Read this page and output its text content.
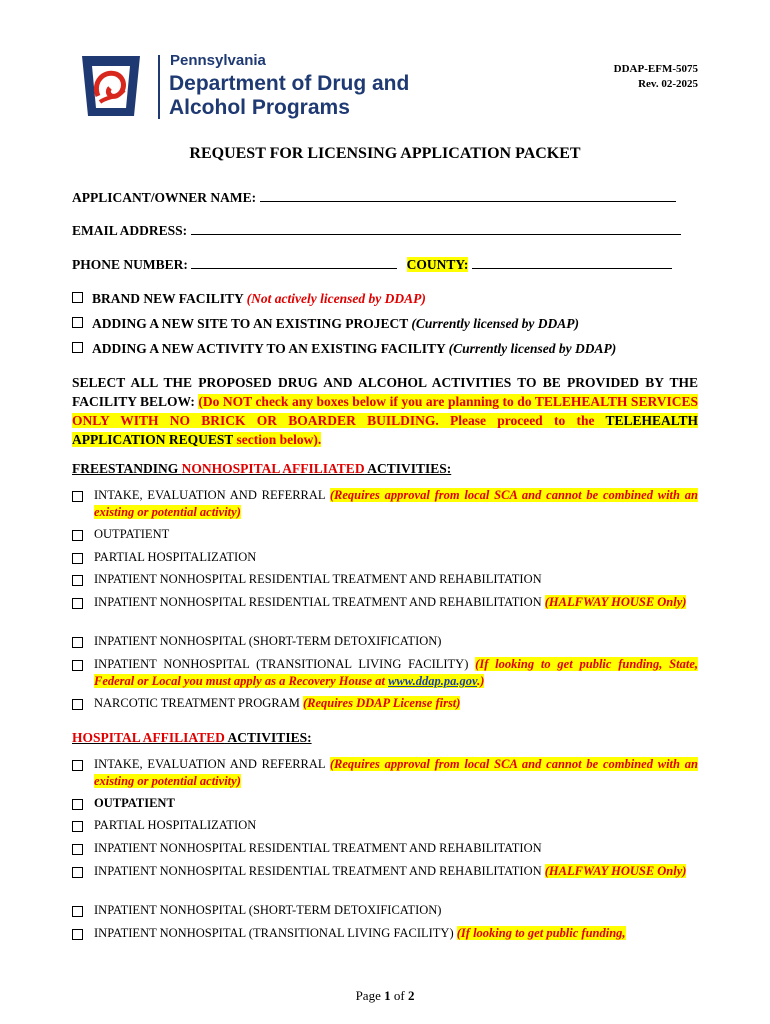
Pennsylvania
Department of Drug and
Alcohol Programs
DDAP-EFM-5075
Rev. 02-2025
REQUEST FOR LICENSING APPLICATION PACKET
APPLICANT/OWNER NAME:
EMAIL ADDRESS:
PHONE NUMBER:	COUNTY:
BRAND NEW FACILITY (Not actively licensed by DDAP)
ADDING A NEW SITE TO AN EXISTING PROJECT (Currently licensed by DDAP)
ADDING A NEW ACTIVITY TO AN EXISTING FACILITY (Currently licensed by DDAP)
SELECT ALL THE PROPOSED DRUG AND ALCOHOL ACTIVITIES TO BE PROVIDED BY THE FACILITY BELOW: (Do NOT check any boxes below if you are planning to do TELEHEALTH SERVICES ONLY WITH NO BRICK OR BOARDER BUILDING. Please proceed to the TELEHEALTH APPLICATION REQUEST section below).
FREESTANDING NONHOSPITAL AFFILIATED ACTIVITIES:
INTAKE, EVALUATION AND REFERRAL (Requires approval from local SCA and cannot be combined with an existing or potential activity)
OUTPATIENT
PARTIAL HOSPITALIZATION
INPATIENT NONHOSPITAL RESIDENTIAL TREATMENT AND REHABILITATION
INPATIENT NONHOSPITAL RESIDENTIAL TREATMENT AND REHABILITATION (HALFWAY HOUSE Only)
INPATIENT NONHOSPITAL (SHORT-TERM DETOXIFICATION)
INPATIENT NONHOSPITAL (TRANSITIONAL LIVING FACILITY) (If looking to get public funding, State, Federal or Local you must apply as a Recovery House at www.ddap.pa.gov.)
NARCOTIC TREATMENT PROGRAM (Requires DDAP License first)
HOSPITAL AFFILIATED ACTIVITIES:
INTAKE, EVALUATION AND REFERRAL (Requires approval from local SCA and cannot be combined with an existing or potential activity)
OUTPATIENT
PARTIAL HOSPITALIZATION
INPATIENT NONHOSPITAL RESIDENTIAL TREATMENT AND REHABILITATION
INPATIENT NONHOSPITAL RESIDENTIAL TREATMENT AND REHABILITATION (HALFWAY HOUSE Only)
INPATIENT NONHOSPITAL (SHORT-TERM DETOXIFICATION)
INPATIENT NONHOSPITAL (TRANSITIONAL LIVING FACILITY) (If looking to get public funding,
Page 1 of 2
